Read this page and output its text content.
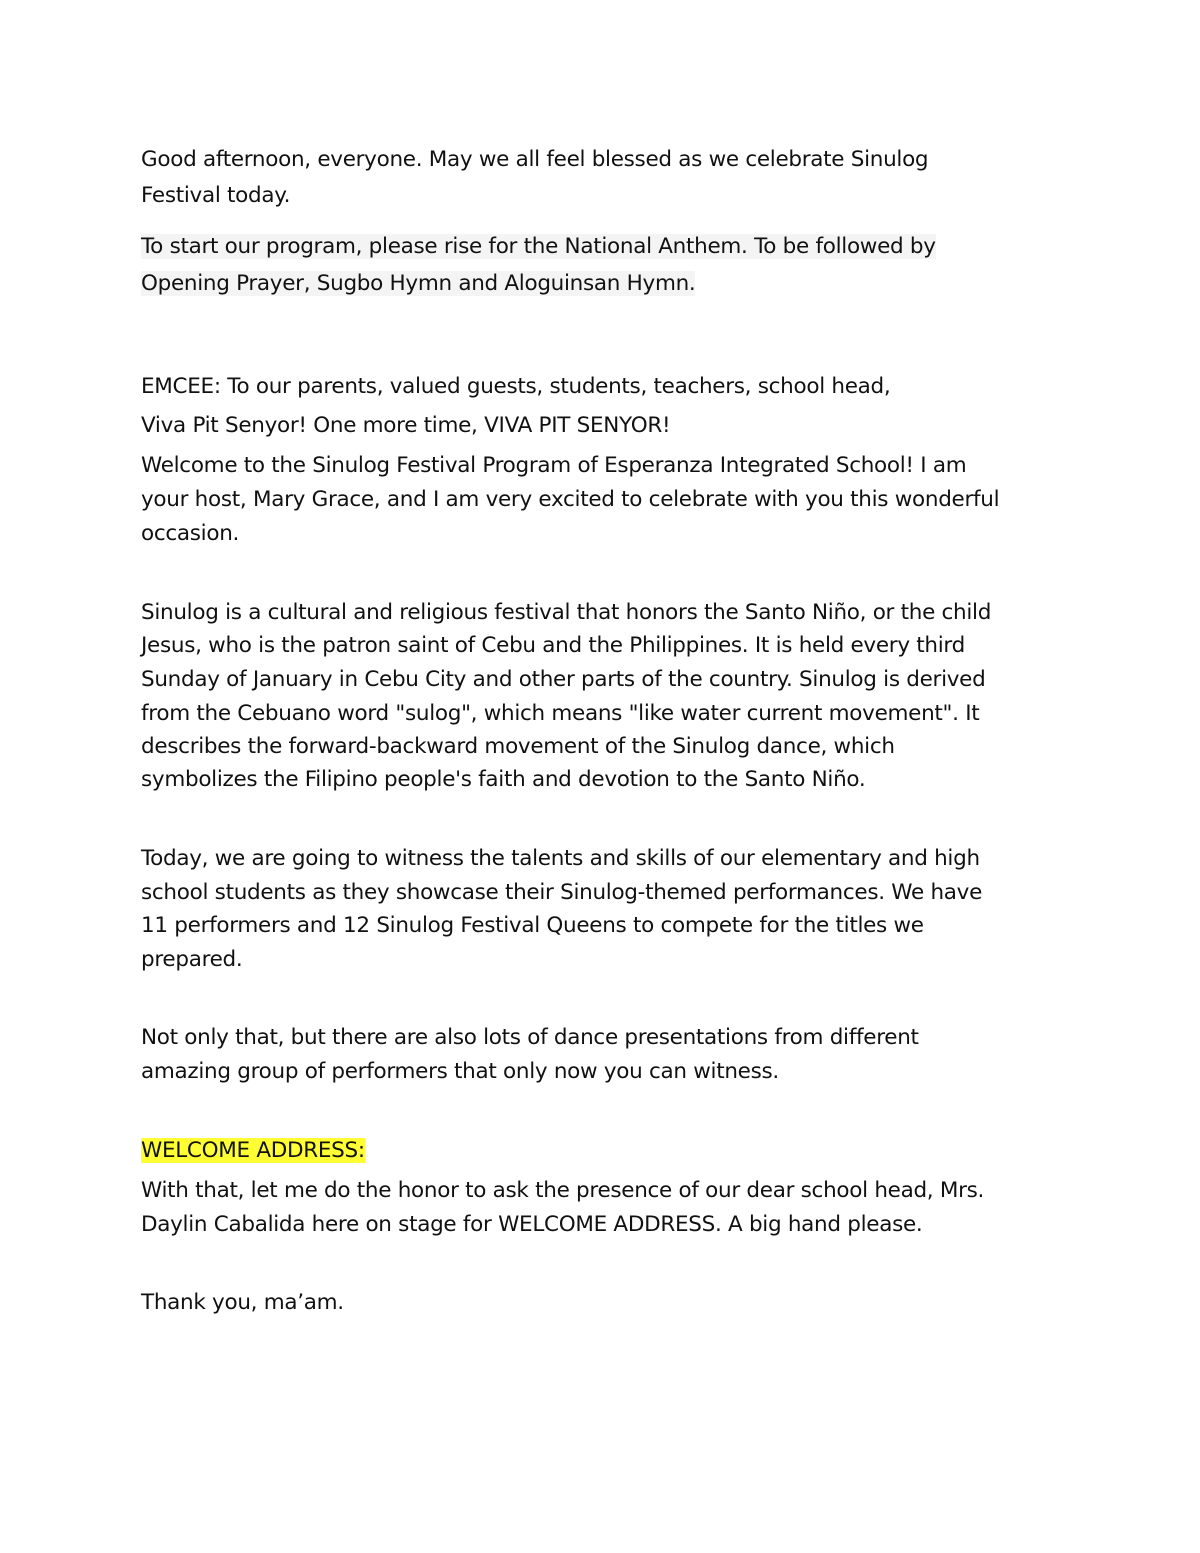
Good afternoon, everyone. May we all feel blessed as we celebrate Sinulog
Festival today.
To start our program, please rise for the National Anthem. To be followed by
Opening Prayer, Sugbo Hymn and Aloguinsan Hymn.
EMCEE: To our parents, valued guests, students, teachers, school head,
Viva Pit Senyor! One more time, VIVA PIT SENYOR!
Welcome to the Sinulog Festival Program of Esperanza Integrated School! I am
your host, Mary Grace, and I am very excited to celebrate with you this wonderful
occasion.
Sinulog is a cultural and religious festival that honors the Santo Niño, or the child
Jesus, who is the patron saint of Cebu and the Philippines. It is held every third
Sunday of January in Cebu City and other parts of the country. Sinulog is derived
from the Cebuano word "sulog", which means "like water current movement". It
describes the forward-backward movement of the Sinulog dance, which
symbolizes the Filipino people's faith and devotion to the Santo Niño.
Today, we are going to witness the talents and skills of our elementary and high
school students as they showcase their Sinulog-themed performances. We have
11 performers and 12 Sinulog Festival Queens to compete for the titles we
prepared.
Not only that, but there are also lots of dance presentations from different
amazing group of performers that only now you can witness.
WELCOME ADDRESS:
With that, let me do the honor to ask the presence of our dear school head, Mrs.
Daylin Cabalida here on stage for WELCOME ADDRESS. A big hand please.
Thank you, ma’am.
